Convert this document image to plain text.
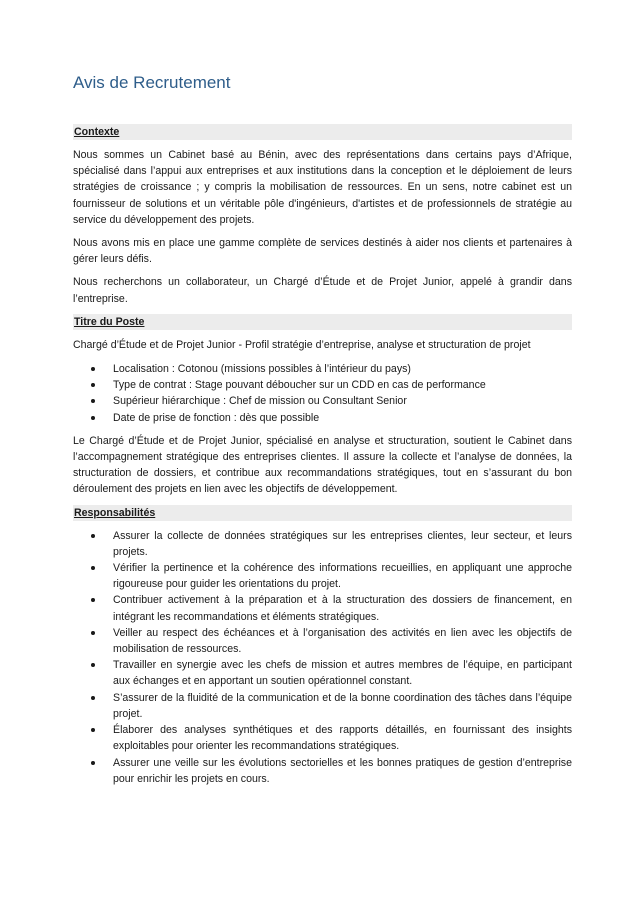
Avis de Recrutement
Contexte

Nous sommes un Cabinet basé au Bénin, avec des représentations dans certains pays d’Afrique, spécialisé dans l’appui aux entreprises et aux institutions dans la conception et le déploiement de leurs stratégies de croissance ; y compris la mobilisation de ressources. En un sens, notre cabinet est un fournisseur de solutions et un véritable pôle d'ingénieurs, d'artistes et de professionnels de stratégie au service du développement des projets.

Nous avons mis en place une gamme complète de services destinés à aider nos clients et partenaires à gérer leurs défis.

Nous recherchons un collaborateur, un Chargé d’Étude et de Projet Junior, appelé à grandir dans l’entreprise.

Titre du Poste

Chargé d’Étude et de Projet Junior - Profil stratégie d’entreprise, analyse et structuration de projet

Localisation : Cotonou (missions possibles à l’intérieur du pays)
Type de contrat : Stage pouvant déboucher sur un CDD en cas de performance
Supérieur hiérarchique : Chef de mission ou Consultant Senior
Date de prise de fonction : dès que possible

Le Chargé d’Étude et de Projet Junior, spécialisé en analyse et structuration, soutient le Cabinet dans l’accompagnement stratégique des entreprises clientes. Il assure la collecte et l’analyse de données, la structuration de dossiers, et contribue aux recommandations stratégiques, tout en s’assurant du bon déroulement des projets en lien avec les objectifs de développement.

Responsabilités
Assurer la collecte de données stratégiques sur les entreprises clientes, leur secteur, et leurs projets.
Vérifier la pertinence et la cohérence des informations recueillies, en appliquant une approche rigoureuse pour guider les orientations du projet.
Contribuer activement à la préparation et à la structuration des dossiers de financement, en intégrant les recommandations et éléments stratégiques.
Veiller au respect des échéances et à l’organisation des activités en lien avec les objectifs de mobilisation de ressources.
Travailler en synergie avec les chefs de mission et autres membres de l’équipe, en participant aux échanges et en apportant un soutien opérationnel constant.
S’assurer de la fluidité de la communication et de la bonne coordination des tâches dans l’équipe projet.
Élaborer des analyses synthétiques et des rapports détaillés, en fournissant des insights exploitables pour orienter les recommandations stratégiques.
Assurer une veille sur les évolutions sectorielles et les bonnes pratiques de gestion d’entreprise pour enrichir les projets en cours.
